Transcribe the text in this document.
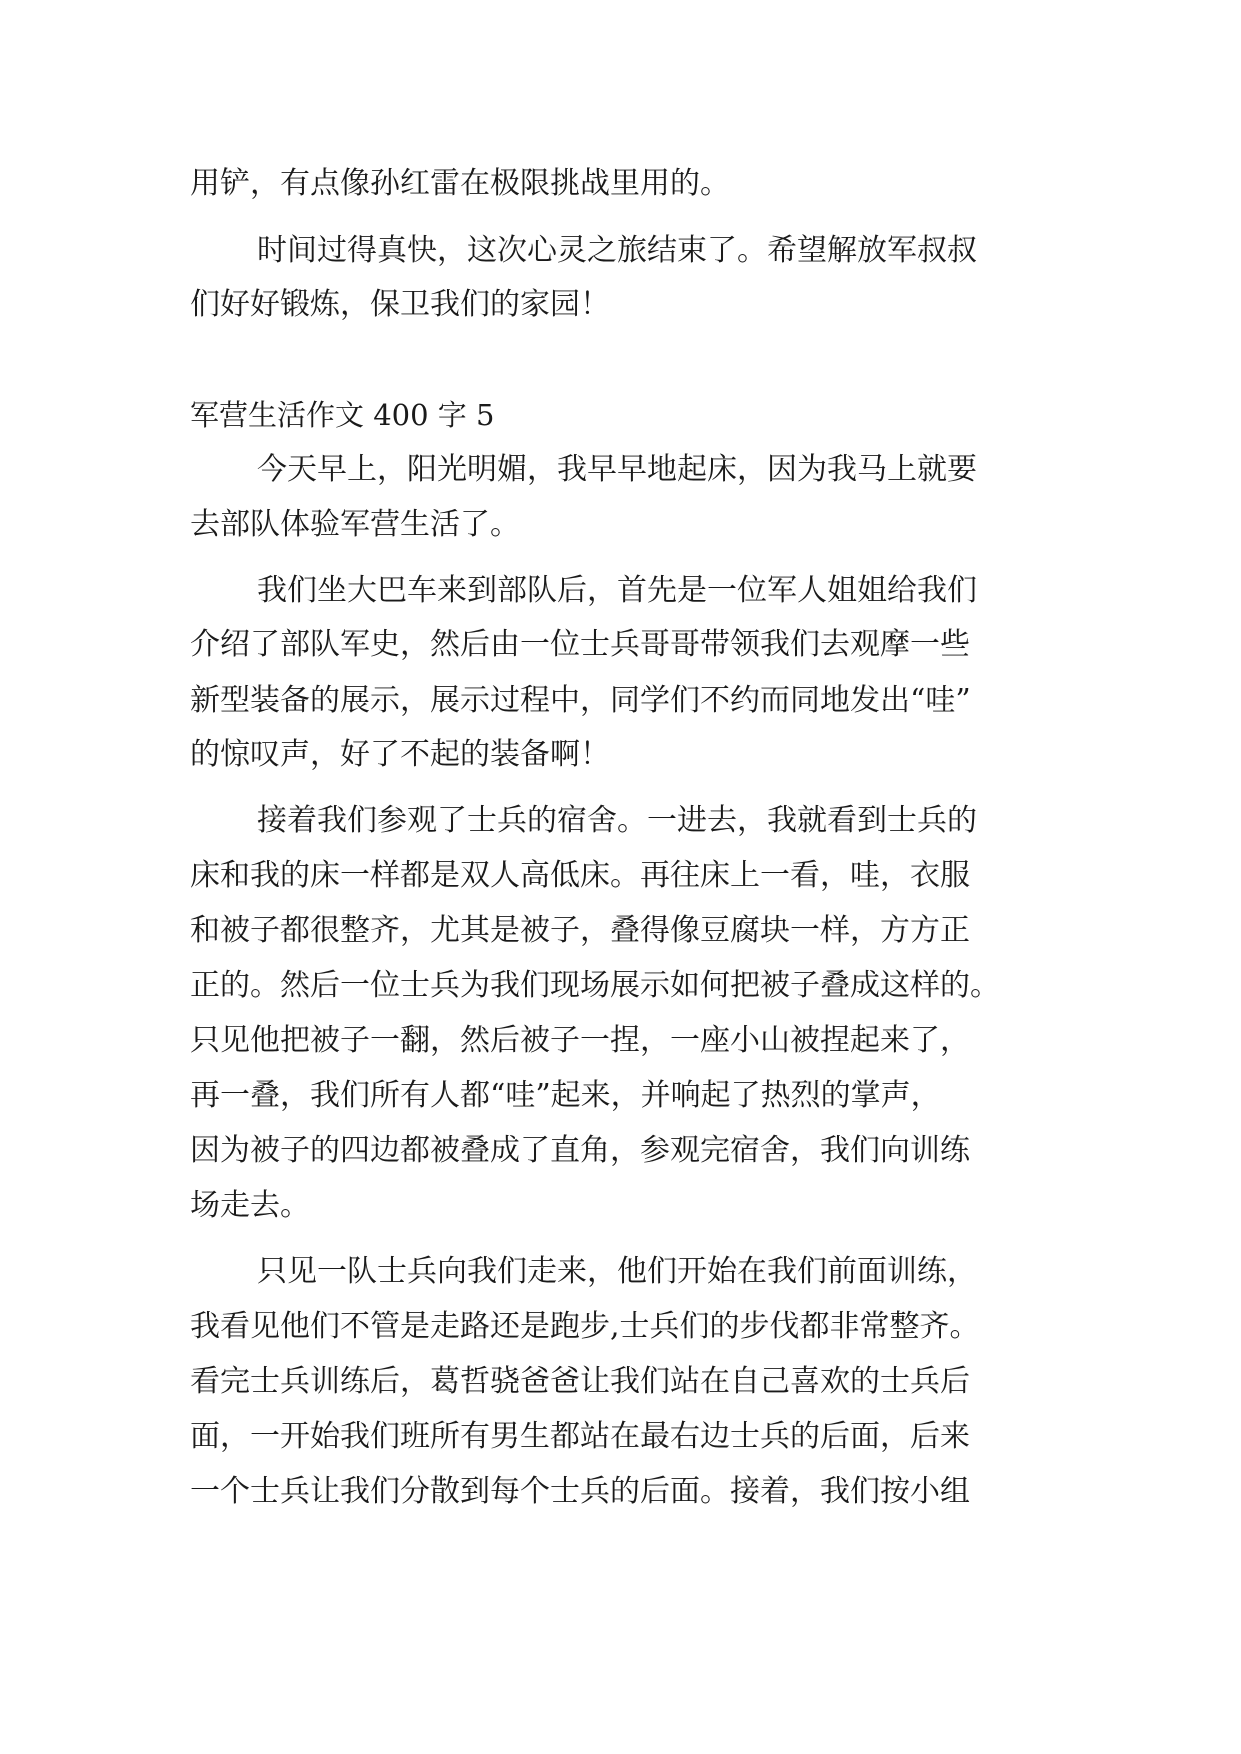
用铲，有点像孙红雷在极限挑战里用的。

时间过得真快，这次心灵之旅结束了。希望解放军叔叔

们好好锻炼，保卫我们的家园！

军营生活作文 400 字 5

今天早上，阳光明媚，我早早地起床，因为我马上就要

去部队体验军营生活了。

我们坐大巴车来到部队后，首先是一位军人姐姐给我们

介绍了部队军史，然后由一位士兵哥哥带领我们去观摩一些

新型装备的展示，展示过程中，同学们不约而同地发出“哇”

的惊叹声，好了不起的装备啊！

接着我们参观了士兵的宿舍。一进去，我就看到士兵的

床和我的床一样都是双人高低床。再往床上一看，哇，衣服

和被子都很整齐，尤其是被子，叠得像豆腐块一样，方方正

正的。然后一位士兵为我们现场展示如何把被子叠成这样的。

只见他把被子一翻，然后被子一捏，一座小山被捏起来了，

再一叠，我们所有人都“哇”起来，并响起了热烈的掌声，

因为被子的四边都被叠成了直角，参观完宿舍，我们向训练

场走去。

只见一队士兵向我们走来，他们开始在我们前面训练，

我看见他们不管是走路还是跑步,士兵们的步伐都非常整齐。

看完士兵训练后，葛哲骁爸爸让我们站在自己喜欢的士兵后

面，一开始我们班所有男生都站在最右边士兵的后面，后来

一个士兵让我们分散到每个士兵的后面。接着，我们按小组
